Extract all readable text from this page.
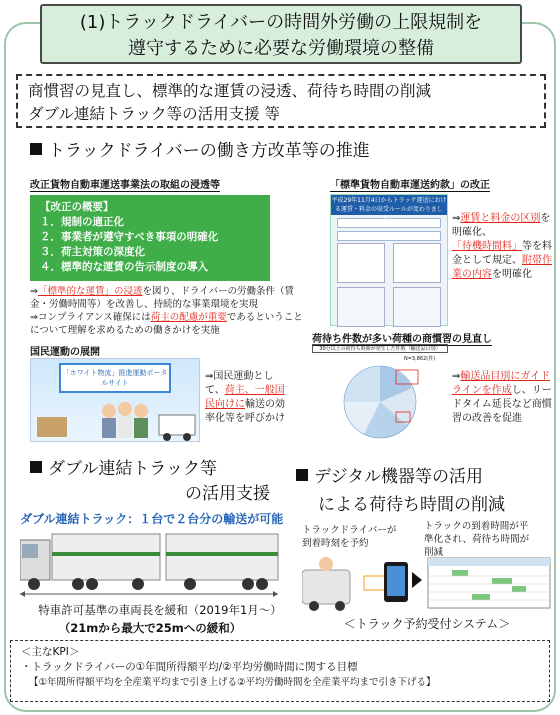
(1)トラックドライバーの時間外労働の上限規制を
遵守するために必要な労働環境の整備
商慣習の見直し、標準的な運賃の浸透、荷待ち時間の削減
ダブル連結トラック等の活用支援 等
トラックドライバーの働き方改革等の推進
改正貨物自動車運送事業法の取組の浸透等
【改正の概要】
１．規制の適正化
２．事業者が遵守すべき事項の明確化
３．荷主対策の深度化
４．標準的な運賃の告示制度の導入
⇒「標準的な運賃」の浸透を図り、ドライバーの労働条件（賃金・労働時間等）を改善し、持続的な事業環境を実現
⇒コンプライアンス確保には荷主の配慮が重要であるということについて理解を求めるための働きかけを実施
「標準貨物自動車運送約款」の改正
平成29年11月4日からトラック運送における運賃・料金の収受ルールが変わりました。	⇒運賃と料金の区別を明確化、「待機時間料」等を料金として規定、附帯作業の内容を明確化
国民運動の展開
「ホワイト物流」推進運動ポータルサイト
⇒国民運動として、荷主、一般国民向けに輸送の効率化等を呼びかけ
荷待ち件数が多い荷種の商慣習の見直し
30分以上の荷待ち時間が発生した件数（輸送品目別）
N=3,862(件)
⇒輸送品目別にガイドラインを作成し、リードタイム延長など商慣習の改善を促進
ダブル連結トラック等
の活用支援
ダブル連結トラック：１台で２台分の輸送が可能
特車許可基準の車両長を緩和（2019年1月～）
（21mから最大で25mへの緩和）
デジタル機器等の活用
による荷待ち時間の削減
トラックドライバーが
到着時刻を予約
トラックの到着時間が平
準化され、荷待ち時間が
削減
＜トラック予約受付システム＞
＜主なKPI＞
・トラックドライバーの①年間所得額平均/②平均労働時間に関する目標
【①年間所得額平均を全産業平均まで引き上げる②平均労働時間を全産業平均まで引き下げる】
